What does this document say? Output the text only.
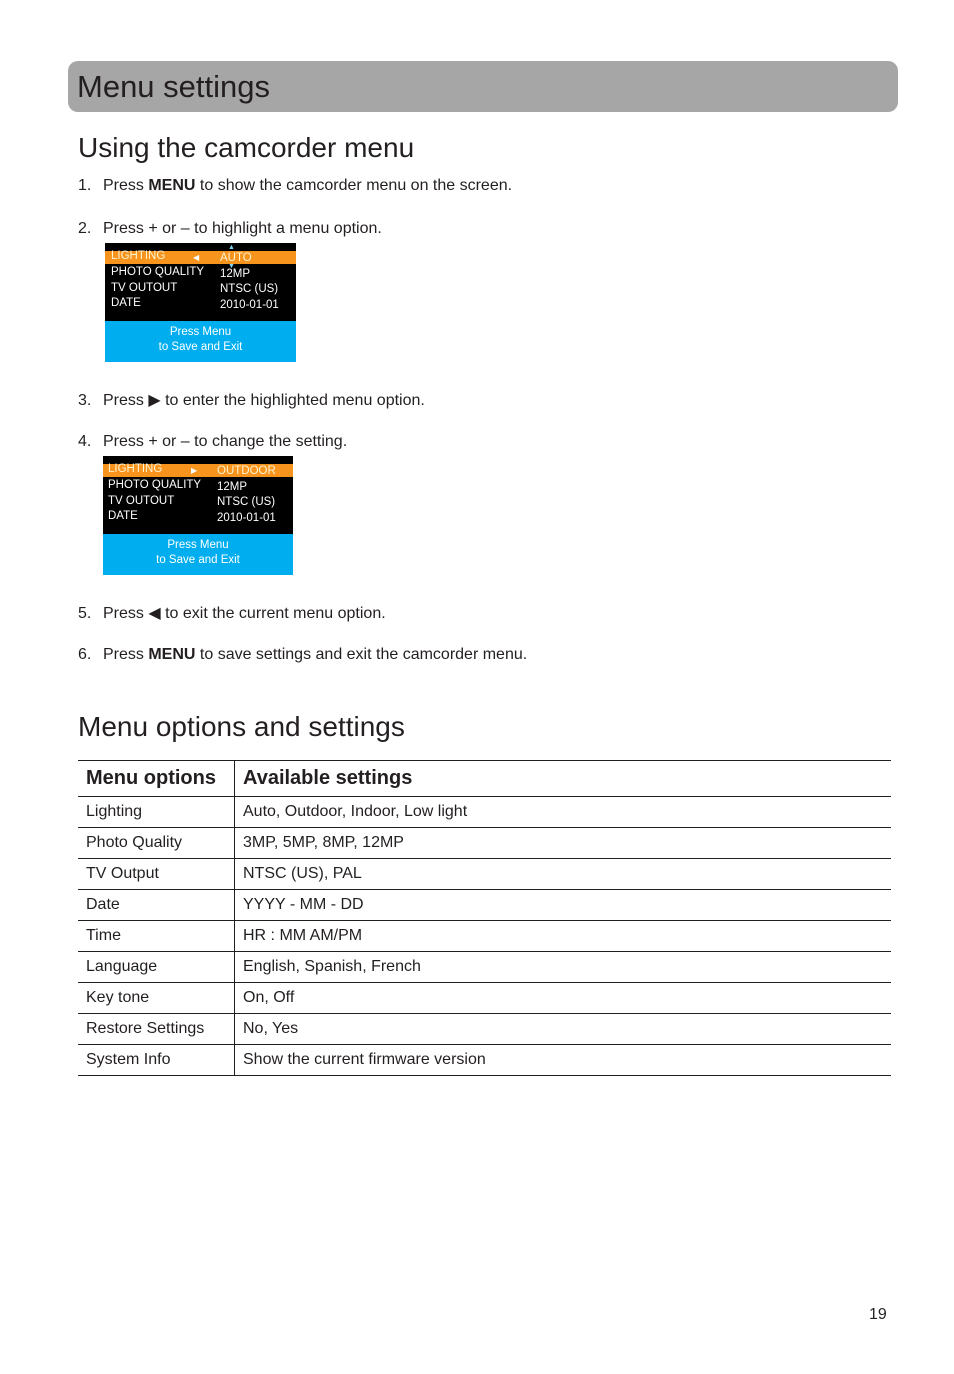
Menu settings
Using the camcorder menu
1. Press MENU to show the camcorder menu on the screen.
2. Press + or – to highlight a menu option.
LIGHTING	◀
PHOTO QUALITY
TV OUTOUT
DATE
▲
AUTO
▼
12MP
NTSC (US)
2010-01-01
Press Menu
to Save and Exit
3. Press ▶ to enter the highlighted menu option.
4. Press + or – to change the setting.
LIGHTING	▶
PHOTO QUALITY
TV OUTOUT
DATE
OUTDOOR
12MP
NTSC (US)
2010-01-01
Press Menu
to Save and Exit
5. Press ◀ to exit the current menu option.
6. Press MENU to save settings and exit the camcorder menu.
Menu options and settings
Menu options	Available settings
Lighting	Auto, Outdoor, Indoor, Low light
Photo Quality	3MP, 5MP, 8MP, 12MP
TV Output	NTSC (US), PAL
Date	YYYY - MM - DD
Time	HR : MM AM/PM
Language	English, Spanish, French
Key tone	On, Off
Restore Settings	No, Yes
System Info	Show the current firmware version
19
